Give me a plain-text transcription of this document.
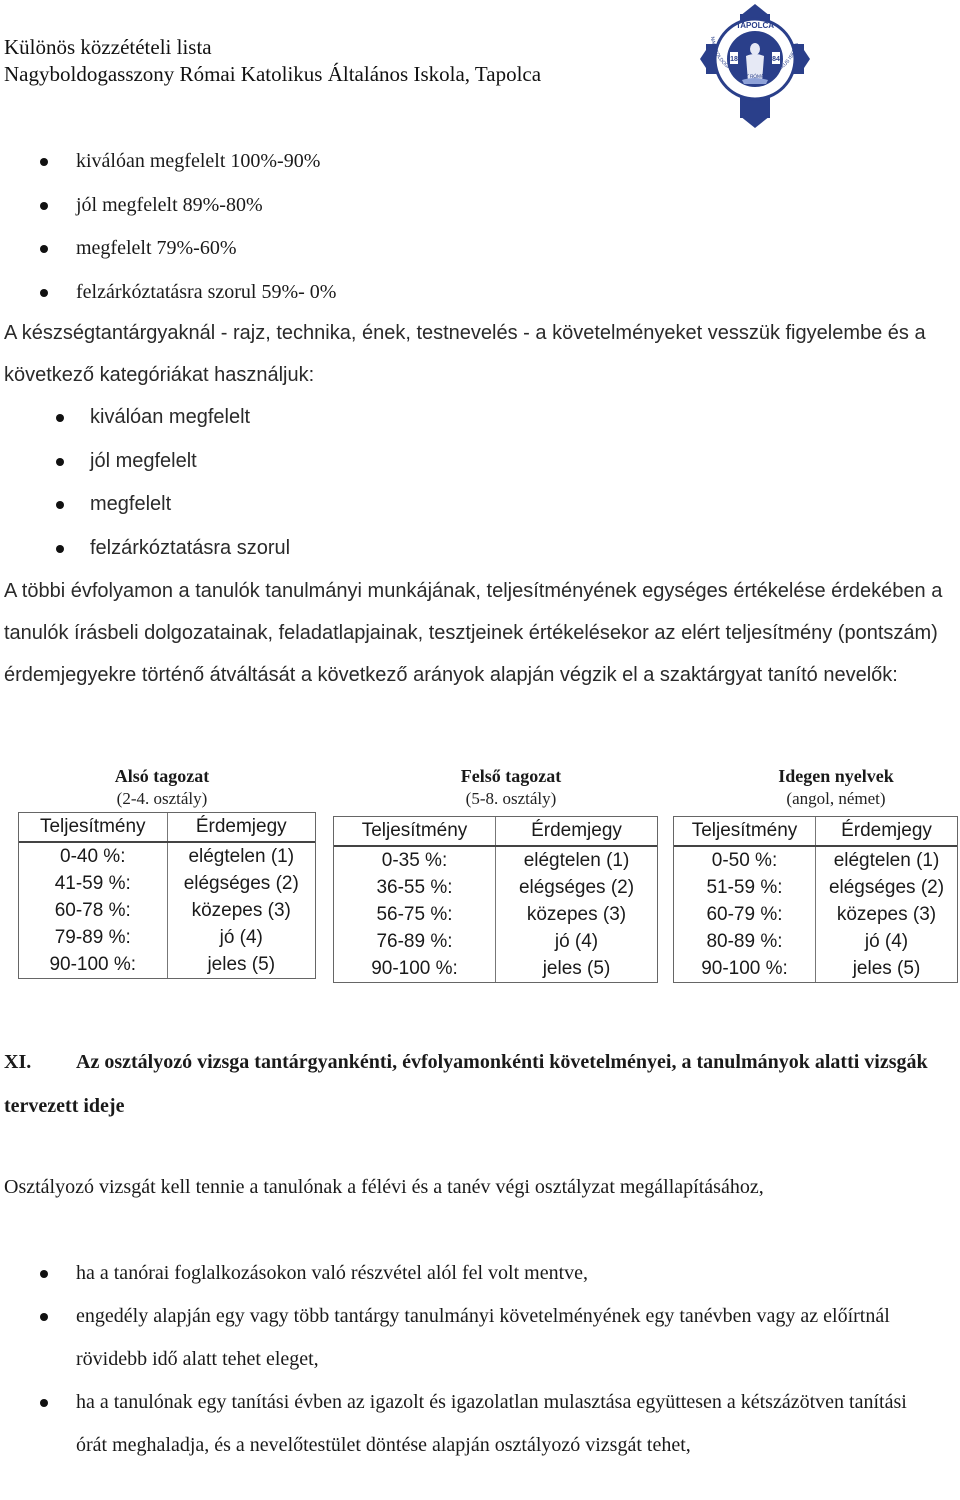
Különös közzétételi lista
Nagyboldogasszony Római Katolikus Általános Iskola, Tapolca
18	84
TAPOLCA
NAGYBOLDOGASSZONY RÓMAI KATOLIKUS ISKOLA
kiválóan megfelelt 100%-90%
jól megfelelt 89%-80%
megfelelt 79%-60%
felzárkóztatásra szorul 59%- 0%
A készségtantárgyaknál - rajz, technika, ének, testnevelés - a követelményeket vesszük figyelembe és a következő kategóriákat használjuk:
kiválóan megfelelt
jól megfelelt
megfelelt
felzárkóztatásra szorul
A többi évfolyamon a tanulók tanulmányi munkájának, teljesítményének egységes értékelése érdekében a tanulók írásbeli dolgozatainak, feladatlapjainak, tesztjeinek értékelésekor az elért teljesítmény (pontszám) érdemjegyekre történő átváltását a következő arányok alapján végzik el a szaktárgyat tanító nevelők:
Alsó tagozat
(2-4. osztály)
Teljesítmény	Érdemjegy
0-40 %:	elégtelen (1)
41-59 %:	elégséges (2)
60-78 %:	közepes (3)
79-89 %:	jó (4)
90-100 %:	jeles (5)
Felső tagozat
(5-8. osztály)
Teljesítmény	Érdemjegy
0-35 %:	elégtelen (1)
36-55 %:	elégséges (2)
56-75 %:	közepes (3)
76-89 %:	jó (4)
90-100 %:	jeles (5)
Idegen nyelvek
(angol, német)
Teljesítmény	Érdemjegy
0-50 %:	elégtelen (1)
51-59 %:	elégséges (2)
60-79 %:	közepes (3)
80-89 %:	jó (4)
90-100 %:	jeles (5)
XI. Az osztályozó vizsga tantárgyankénti, évfolyamonkénti követelményei, a tanulmányok alatti vizsgák tervezett ideje
Osztályozó vizsgát kell tennie a tanulónak a félévi és a tanév végi osztályzat megállapításához,
ha a tanórai foglalkozásokon való részvétel alól fel volt mentve,
engedély alapján egy vagy több tantárgy tanulmányi követelményének egy tanévben vagy az előírtnál rövidebb idő alatt tehet eleget,
ha a tanulónak egy tanítási évben az igazolt és igazolatlan mulasztása együttesen a kétszázötven tanítási órát meghaladja, és a nevelőtestület döntése alapján osztályozó vizsgát tehet,
